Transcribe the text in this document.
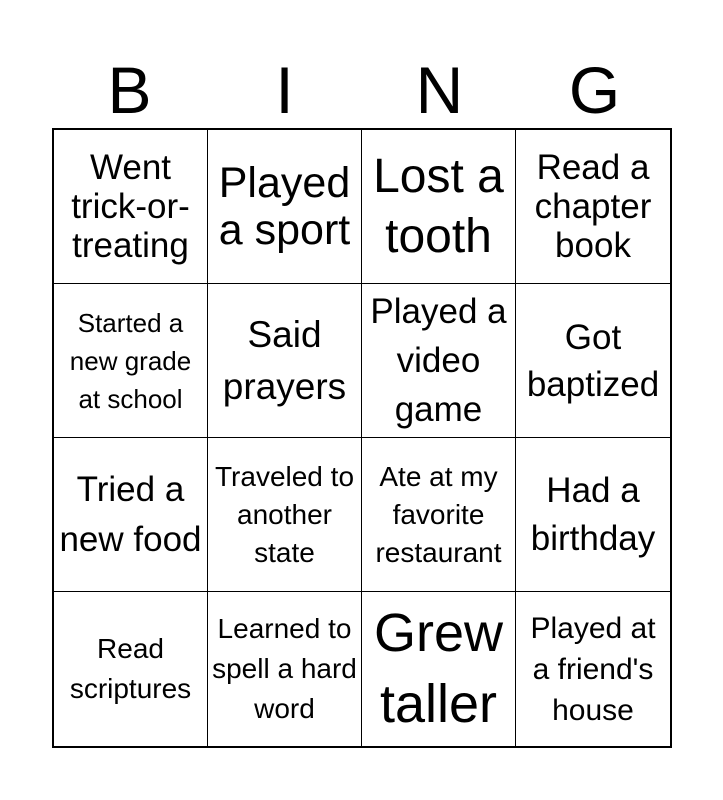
B	I	N	G
Went trick-or-treating
Played a sport
Lost a tooth
Read a chapter book
Started a new grade at school
Said prayers
Played a video game
Got baptized
Tried a new food
Traveled to another state
Ate at my favorite restaurant
Had a birthday
Read scriptures
Learned to spell a hard word
Grew taller
Played at a friend's house
